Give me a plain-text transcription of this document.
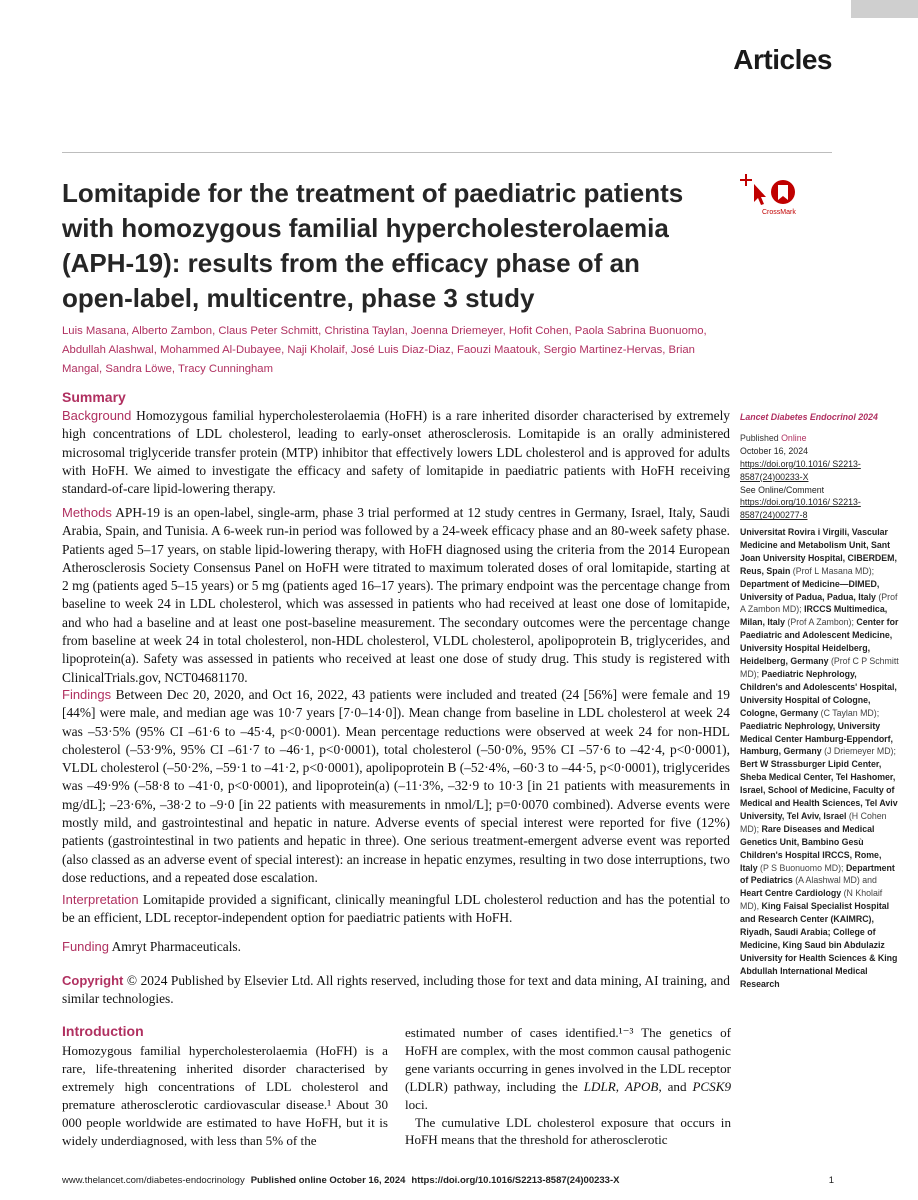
Articles
Lomitapide for the treatment of paediatric patients with homozygous familial hypercholesterolaemia (APH-19): results from the efficacy phase of an open-label, multicentre, phase 3 study
CrossMark
Luis Masana, Alberto Zambon, Claus Peter Schmitt, Christina Taylan, Joenna Driemeyer, Hofit Cohen, Paola Sabrina Buonuomo, Abdullah Alashwal, Mohammed Al-Dubayee, Naji Kholaif, José Luis Diaz-Diaz, Faouzi Maatouk, Sergio Martinez-Hervas, Brian Mangal, Sandra Löwe, Tracy Cunningham
Summary
Background Homozygous familial hypercholesterolaemia (HoFH) is a rare inherited disorder characterised by extremely high concentrations of LDL cholesterol, leading to early-onset atherosclerosis. Lomitapide is an orally administered microsomal triglyceride transfer protein (MTP) inhibitor that effectively lowers LDL cholesterol and is approved for adults with HoFH. We aimed to investigate the efficacy and safety of lomitapide in paediatric patients with HoFH receiving standard-of-care lipid-lowering therapy.
Methods APH-19 is an open-label, single-arm, phase 3 trial performed at 12 study centres in Germany, Israel, Italy, Saudi Arabia, Spain, and Tunisia. A 6-week run-in period was followed by a 24-week efficacy phase and an 80-week safety phase. Patients aged 5–17 years, on stable lipid-lowering therapy, with HoFH diagnosed using the criteria from the 2014 European Atherosclerosis Society Consensus Panel on HoFH were titrated to maximum tolerated doses of oral lomitapide, starting at 2 mg (patients aged 5–15 years) or 5 mg (patients aged 16–17 years). The primary endpoint was the percentage change from baseline to week 24 in LDL cholesterol, which was assessed in patients who had received at least one dose of lomitapide, and who had a baseline and at least one post-baseline measurement. The secondary outcomes were the percentage change from baseline at week 24 in total cholesterol, non-HDL cholesterol, VLDL cholesterol, apolipoprotein B, triglycerides, and lipoprotein(a). Safety was assessed in patients who received at least one dose of study drug. This study is registered with ClinicalTrials.gov, NCT04681170.
Findings Between Dec 20, 2020, and Oct 16, 2022, 43 patients were included and treated (24 [56%] were female and 19 [44%] were male, and median age was 10·7 years [7·0–14·0]). Mean change from baseline in LDL cholesterol at week 24 was –53·5% (95% CI –61·6 to –45·4, p<0·0001). Mean percentage reductions were observed at week 24 for non-HDL cholesterol (–53·9%, 95% CI –61·7 to –46·1, p<0·0001), total cholesterol (–50·0%, 95% CI –57·6 to –42·4, p<0·0001), VLDL cholesterol (–50·2%, –59·1 to –41·2, p<0·0001), apolipoprotein B (–52·4%, –60·3 to –44·5, p<0·0001), triglycerides was –49·9% (–58·8 to –41·0, p<0·0001), and lipoprotein(a) (–11·3%, –32·9 to 10·3 [in 21 patients with measurements in mg/dL]; –23·6%, –38·2 to –9·0 [in 22 patients with measurements in nmol/L]; p=0·0070 combined). Adverse events were mostly mild, and gastrointestinal and hepatic in nature. Adverse events of special interest were reported for five (12%) patients (gastrointestinal in two patients and hepatic in three). One serious treatment-emergent adverse event was reported (also classed as an adverse event of special interest): an increase in hepatic enzymes, resulting in two dose interruptions, two dose reductions, and a repeated dose escalation.
Interpretation Lomitapide provided a significant, clinically meaningful LDL cholesterol reduction and has the potential to be an efficient, LDL receptor-independent option for paediatric patients with HoFH.
Funding Amryt Pharmaceuticals.
Copyright © 2024 Published by Elsevier Ltd. All rights reserved, including those for text and data mining, AI training, and similar technologies.
Introduction
Homozygous familial hypercholesterolaemia (HoFH) is a rare, life-threatening inherited disorder characterised by extremely high concentrations of LDL cholesterol and premature atherosclerotic cardiovascular disease.¹ About 30 000 people worldwide are estimated to have HoFH, but it is widely underdiagnosed, with less than 5% of the
estimated number of cases identified.¹⁻³ The genetics of HoFH are complex, with the most common causal pathogenic gene variants occurring in genes involved in the LDL receptor (LDLR) pathway, including the LDLR, APOB, and PCSK9 loci.
The cumulative LDL cholesterol exposure that occurs in HoFH means that the threshold for atherosclerotic
Lancet Diabetes Endocrinol 2024
Published Online
October 16, 2024
https://doi.org/10.1016/ S2213-8587(24)00233-X
See Online/Comment
https://doi.org/10.1016/ S2213-8587(24)00277-8
Universitat Rovira i Virgili, Vascular Medicine and Metabolism Unit, Sant Joan University Hospital, CIBERDEM, Reus, Spain (Prof L Masana MD); Department of Medicine—DIMED, University of Padua, Padua, Italy (Prof A Zambon MD); IRCCS Multimedica, Milan, Italy (Prof A Zambon); Center for Paediatric and Adolescent Medicine, University Hospital Heidelberg, Heidelberg, Germany (Prof C P Schmitt MD); Paediatric Nephrology, Children's and Adolescents' Hospital, University Hospital of Cologne, Cologne, Germany (C Taylan MD); Paediatric Nephrology, University Medical Center Hamburg-Eppendorf, Hamburg, Germany (J Driemeyer MD); Bert W Strassburger Lipid Center, Sheba Medical Center, Tel Hashomer, Israel, School of Medicine, Faculty of Medical and Health Sciences, Tel Aviv University, Tel Aviv, Israel (H Cohen MD); Rare Diseases and Medical Genetics Unit, Bambino Gesù Children's Hospital IRCCS, Rome, Italy (P S Buonuomo MD); Department of Pediatrics (A Alashwal MD) and Heart Centre Cardiology (N Kholaif MD), King Faisal Specialist Hospital and Research Center (KAIMRC), Riyadh, Saudi Arabia; College of Medicine, King Saud bin Abdulaziz University for Health Sciences & King Abdullah International Medical Research
www.thelancet.com/diabetes-endocrinology Published online October 16, 2024 https://doi.org/10.1016/S2213-8587(24)00233-X	1
